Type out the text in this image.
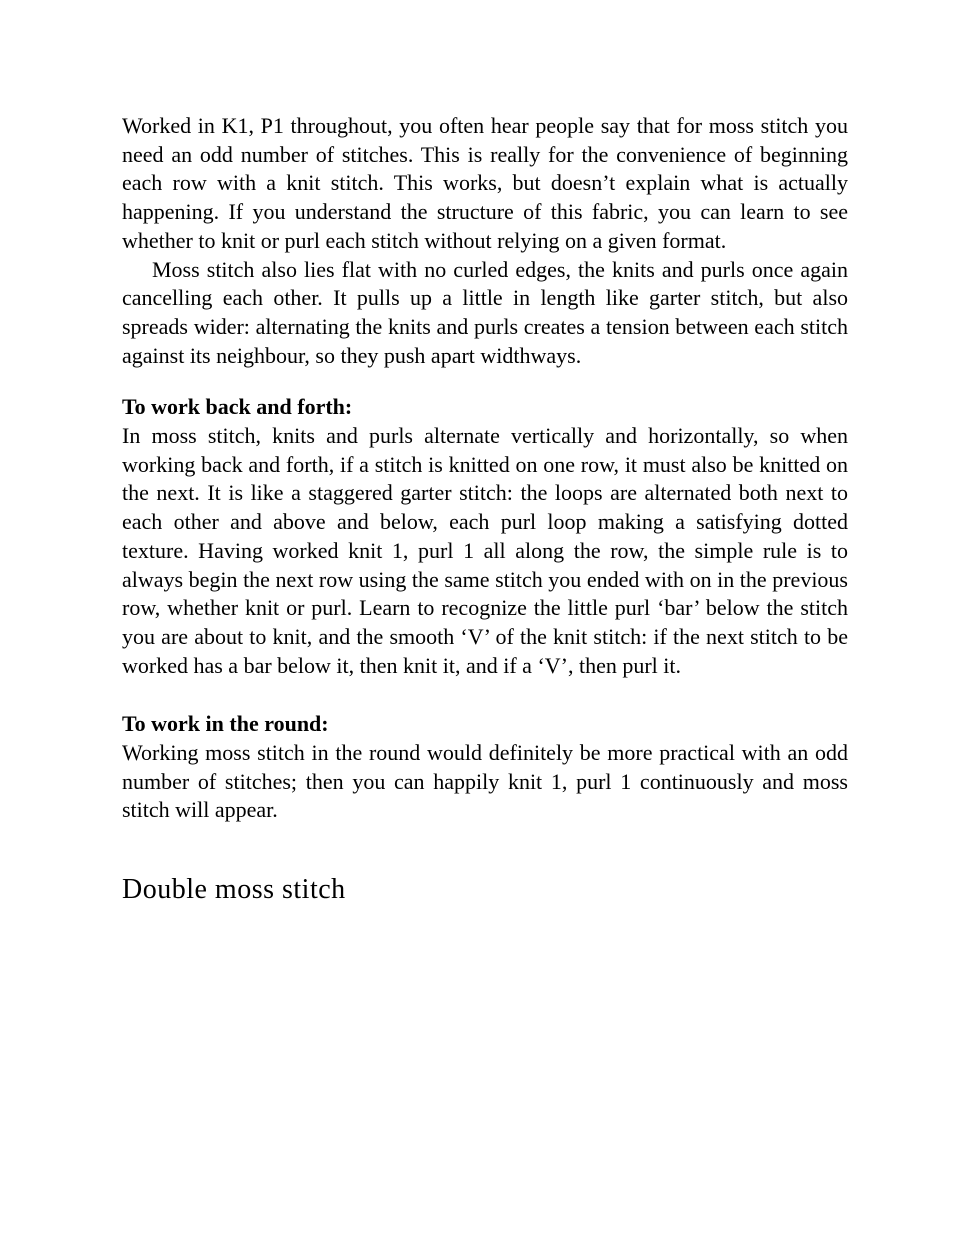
Worked in K1, P1 throughout, you often hear people say that for moss stitch you need an odd number of stitches. This is really for the convenience of beginning each row with a knit stitch. This works, but doesn’t explain what is actually happening. If you understand the structure of this fabric, you can learn to see whether to knit or purl each stitch without relying on a given format.

Moss stitch also lies flat with no curled edges, the knits and purls once again cancelling each other. It pulls up a little in length like garter stitch, but also spreads wider: alternating the knits and purls creates a tension between each stitch against its neighbour, so they push apart widthways.

To work back and forth:

In moss stitch, knits and purls alternate vertically and horizontally, so when working back and forth, if a stitch is knitted on one row, it must also be knitted on the next. It is like a staggered garter stitch: the loops are alternated both next to each other and above and below, each purl loop making a satisfying dotted texture. Having worked knit 1, purl 1 all along the row, the simple rule is to always begin the next row using the same stitch you ended with on in the previous row, whether knit or purl. Learn to recognize the little purl ‘bar’ below the stitch you are about to knit, and the smooth ‘V’ of the knit stitch: if the next stitch to be worked has a bar below it, then knit it, and if a ‘V’, then purl it.

To work in the round:

Working moss stitch in the round would definitely be more practical with an odd number of stitches; then you can happily knit 1, purl 1 continuously and moss stitch will appear.

Double moss stitch
